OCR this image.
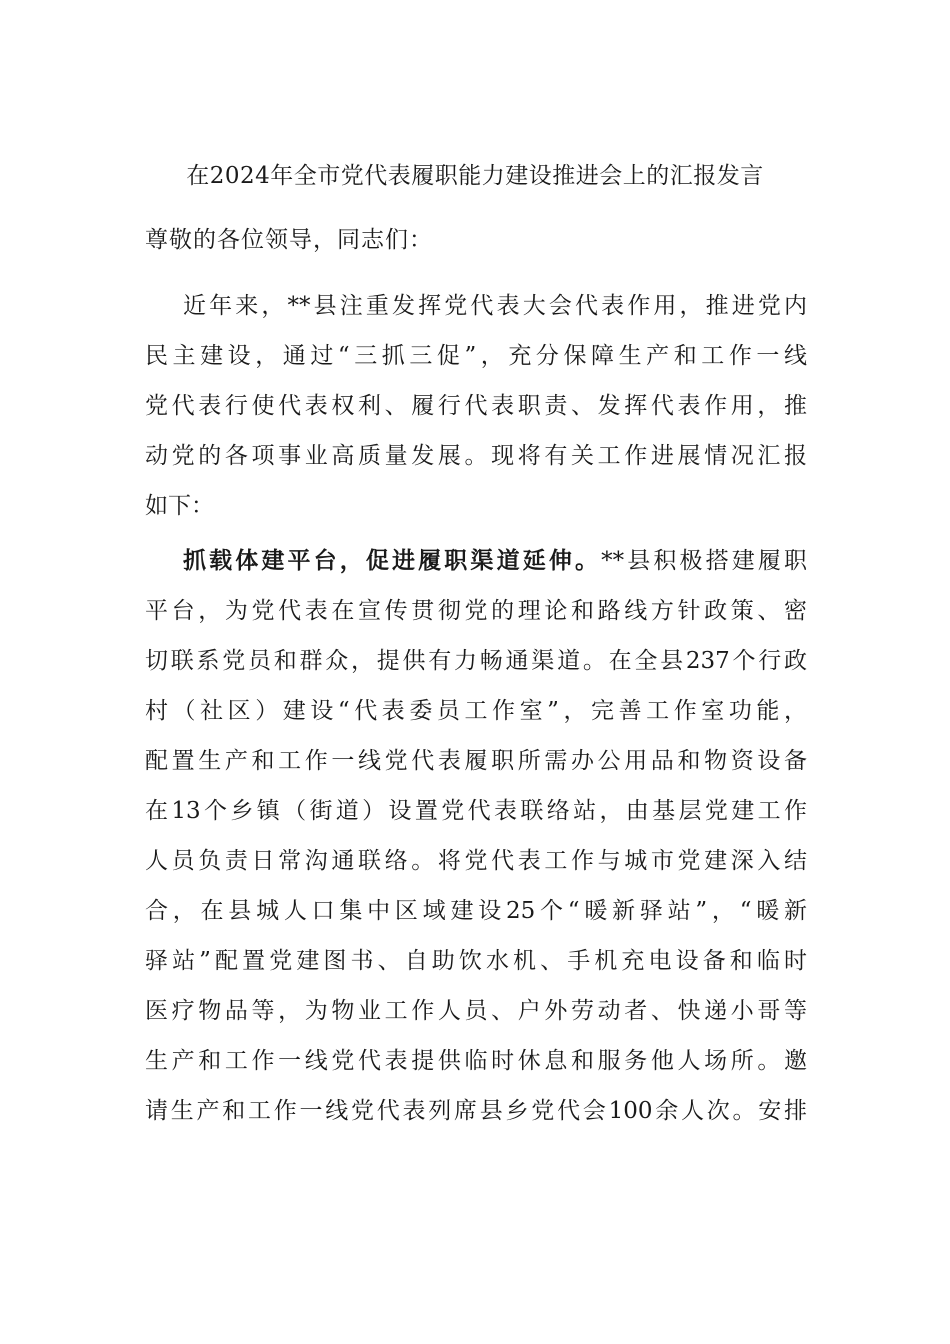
在2024年全市党代表履职能力建设推进会上的汇报发言
尊敬的各位领导，同志们：
近年来，**县注重发挥党代表大会代表作用，推进党内
民主建设，通过“三抓三促”，充分保障生产和工作一线
党代表行使代表权利、履行代表职责、发挥代表作用，推
动党的各项事业高质量发展。现将有关工作进展情况汇报
如下：
抓载体建平台，促进履职渠道延伸。**县积极搭建履职
平台，为党代表在宣传贯彻党的理论和路线方针政策、密
切联系党员和群众，提供有力畅通渠道。在全县237个行政
村（社区）建设“代表委员工作室”，完善工作室功能，
配置生产和工作一线党代表履职所需办公用品和物资设备
在13个乡镇（街道）设置党代表联络站，由基层党建工作
人员负责日常沟通联络。将党代表工作与城市党建深入结
合，在县城人口集中区域建设25个“暖新驿站”，“暖新
驿站”配置党建图书、自助饮水机、手机充电设备和临时
医疗物品等，为物业工作人员、户外劳动者、快递小哥等
生产和工作一线党代表提供临时休息和服务他人场所。邀
请生产和工作一线党代表列席县乡党代会100余人次。安排
